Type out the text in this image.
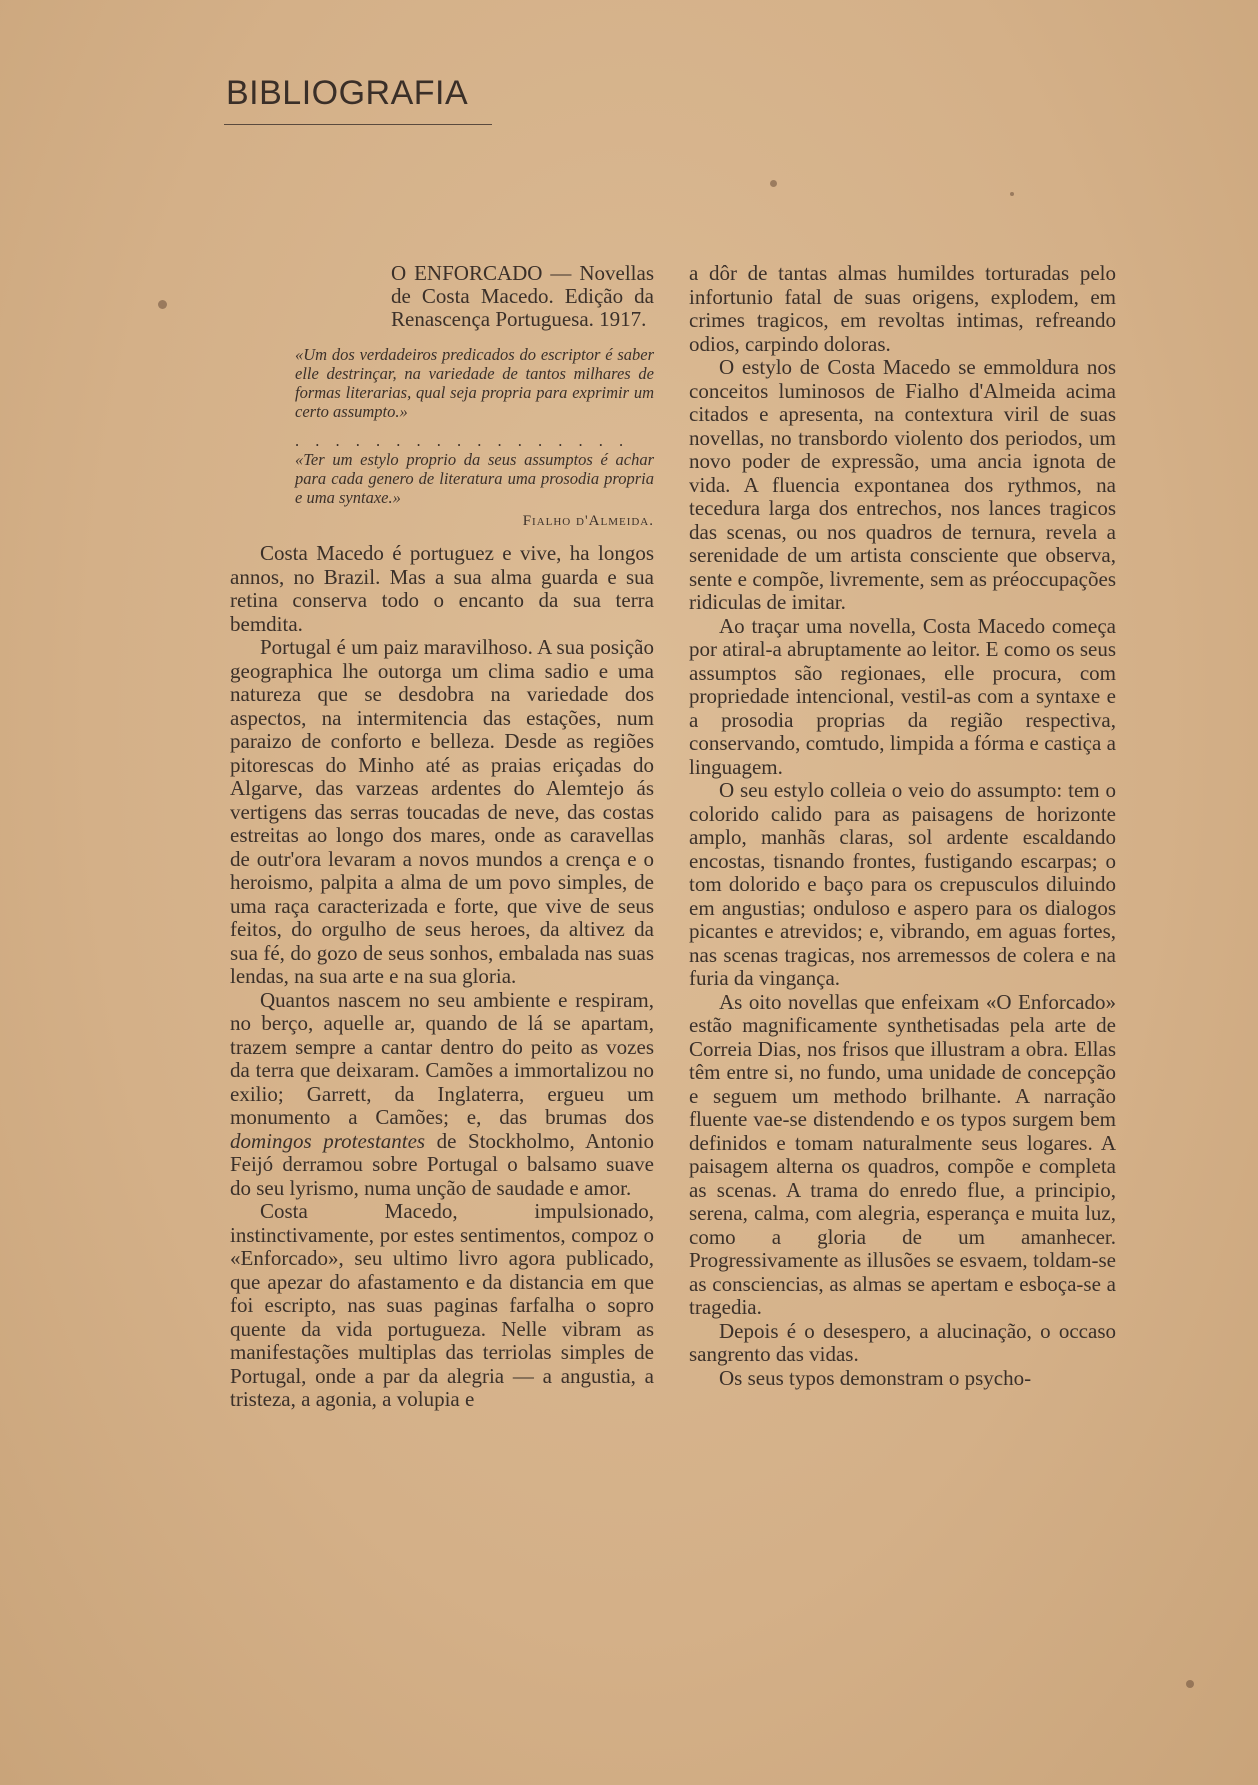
BIBLIOGRAFIA

O ENFORCADO — Novellas de Costa Macedo. Edição da Renascença Portuguesa. 1917.

«Um dos verdadeiros predicados do escriptor é saber elle destrinçar, na variedade de tantos milhares de formas literarias, qual seja propria para exprimir um certo assumpto.»

. . . . . . . . . . . . . . . . .
«Ter um estylo proprio da seus assumptos é achar para cada genero de literatura uma prosodia propria e uma syntaxe.»

Fialho d'Almeida.

Costa Macedo é portuguez e vive, ha longos annos, no Brazil. Mas a sua alma guarda e sua retina conserva todo o encanto da sua terra bemdita.

Portugal é um paiz maravilhoso. A sua posição geographica lhe outorga um clima sadio e uma natureza que se desdobra na variedade dos aspectos, na intermitencia das estações, num paraizo de conforto e belleza. Desde as regiões pitorescas do Minho até as praias eriçadas do Algarve, das varzeas ardentes do Alemtejo ás vertigens das serras toucadas de neve, das costas estreitas ao longo dos mares, onde as caravellas de outr'ora levaram a novos mundos a crença e o heroismo, palpita a alma de um povo simples, de uma raça caracterizada e forte, que vive de seus feitos, do orgulho de seus heroes, da altivez da sua fé, do gozo de seus sonhos, embalada nas suas lendas, na sua arte e na sua gloria.

Quantos nascem no seu ambiente e respiram, no berço, aquelle ar, quando de lá se apartam, trazem sempre a cantar dentro do peito as vozes da terra que deixaram. Camões a immortalizou no exilio; Garrett, da Inglaterra, ergueu um monumento a Camões; e, das brumas dos domingos protestantes de Stockholmo, Antonio Feijó derramou sobre Portugal o balsamo suave do seu lyrismo, numa unção de saudade e amor.

Costa Macedo, impulsionado, instinctivamente, por estes sentimentos, compoz o «Enforcado», seu ultimo livro agora publicado, que apezar do afastamento e da distancia em que foi escripto, nas suas paginas farfalha o sopro quente da vida portugueza. Nelle vibram as manifestações multiplas das terriolas simples de Portugal, onde a par da alegria — a angustia, a tristeza, a agonia, a volupia e

a dôr de tantas almas humildes torturadas pelo infortunio fatal de suas origens, explodem, em crimes tragicos, em revoltas intimas, refreando odios, carpindo doloras.

O estylo de Costa Macedo se emmoldura nos conceitos luminosos de Fialho d'Almeida acima citados e apresenta, na contextura viril de suas novellas, no transbordo violento dos periodos, um novo poder de expressão, uma ancia ignota de vida. A fluencia expontanea dos rythmos, na tecedura larga dos entrechos, nos lances tragicos das scenas, ou nos quadros de ternura, revela a serenidade de um artista consciente que observa, sente e compõe, livremente, sem as préoccupações ridiculas de imitar.

Ao traçar uma novella, Costa Macedo começa por atiral-a abruptamente ao leitor. E como os seus assumptos são regionaes, elle procura, com propriedade intencional, vestil-as com a syntaxe e a prosodia proprias da região respectiva, conservando, comtudo, limpida a fórma e castiça a linguagem.

O seu estylo colleia o veio do assumpto: tem o colorido calido para as paisagens de horizonte amplo, manhãs claras, sol ardente escaldando encostas, tisnando frontes, fustigando escarpas; o tom dolorido e baço para os crepusculos diluindo em angustias; onduloso e aspero para os dialogos picantes e atrevidos; e, vibrando, em aguas fortes, nas scenas tragicas, nos arremessos de colera e na furia da vingança.

As oito novellas que enfeixam «O Enforcado» estão magnificamente synthetisadas pela arte de Correia Dias, nos frisos que illustram a obra. Ellas têm entre si, no fundo, uma unidade de concepção e seguem um methodo brilhante. A narração fluente vae-se distendendo e os typos surgem bem definidos e tomam naturalmente seus logares. A paisagem alterna os quadros, compõe e completa as scenas. A trama do enredo flue, a principio, serena, calma, com alegria, esperança e muita luz, como a gloria de um amanhecer. Progressivamente as illusões se esvaem, toldam-se as consciencias, as almas se apertam e esboça-se a tragedia.

Depois é o desespero, a alucinação, o occaso sangrento das vidas.

Os seus typos demonstram o psycho-
